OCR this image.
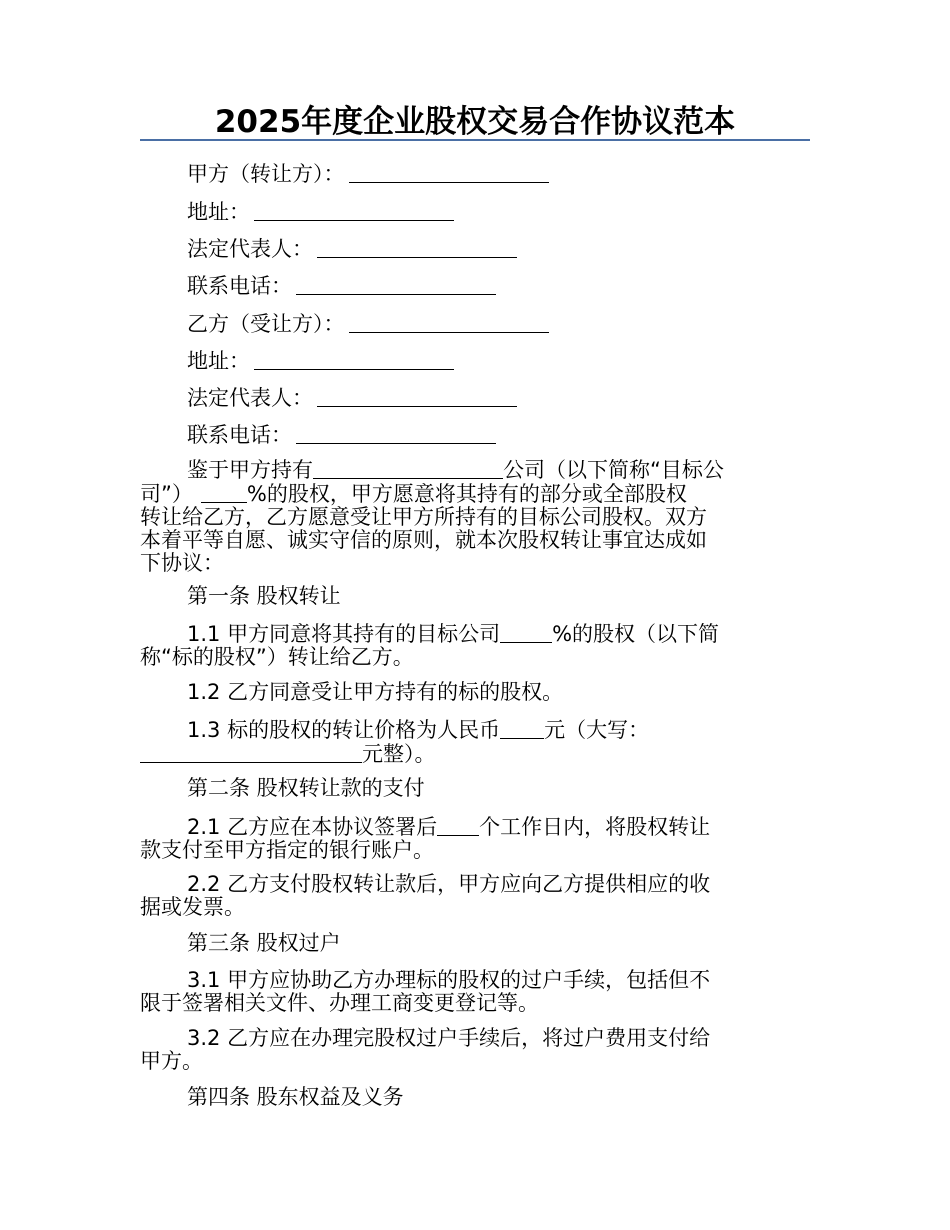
2025年度企业股权交易合作协议范本
甲方（转让方）：
地址：
法定代表人：
联系电话：
乙方（受让方）：
地址：
法定代表人：
联系电话：
鉴于甲方持有	公司（以下简称“目标公
司”）	%的股权，甲方愿意将其持有的部分或全部股权
转让给乙方，乙方愿意受让甲方所持有的目标公司股权。双方
本着平等自愿、诚实守信的原则，就本次股权转让事宜达成如
下协议：
第一条 股权转让
1.1 甲方同意将其持有的目标公司 %的股权（以下简
称“标的股权”）转让给乙方。
1.2 乙方同意受让甲方持有的标的股权。
1.3 标的股权的转让价格为人民币 元（大写：
元整）。
第二条 股权转让款的支付
2.1 乙方应在本协议签署后 个工作日内，将股权转让
款支付至甲方指定的银行账户。
2.2 乙方支付股权转让款后，甲方应向乙方提供相应的收
据或发票。
第三条 股权过户
3.1 甲方应协助乙方办理标的股权的过户手续，包括但不
限于签署相关文件、办理工商变更登记等。
3.2 乙方应在办理完股权过户手续后，将过户费用支付给
甲方。
第四条 股东权益及义务
